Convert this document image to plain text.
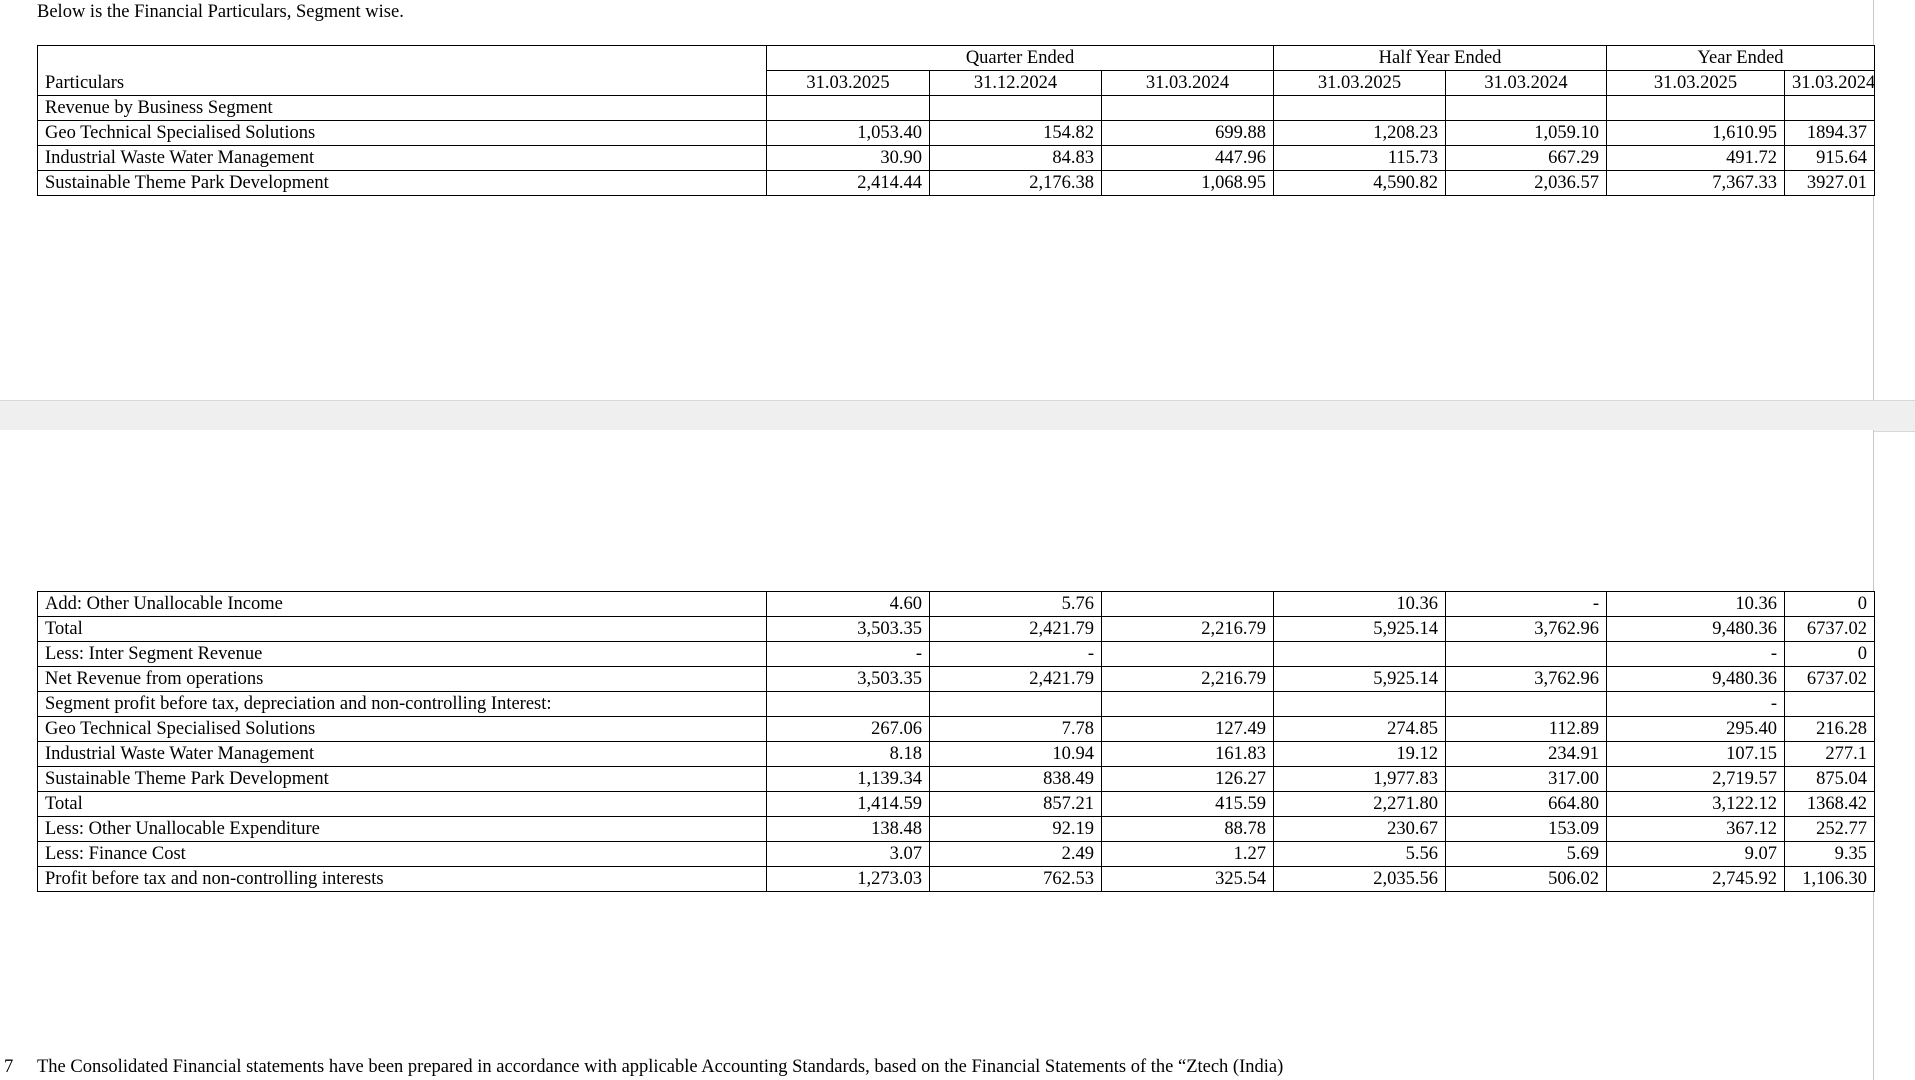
Below is the Financial Particulars, Segment wise.
Particulars	Quarter Ended			Half Year Ended		Year Ended	
	31.03.2025	31.12.2024	31.03.2024	31.03.2025	31.03.2024	31.03.2025	31.03.2024
Revenue by Business Segment							
Geo Technical Specialised Solutions	1,053.40	154.82	699.88	1,208.23	1,059.10	1,610.95	1894.37
Industrial Waste Water Management	30.90	84.83	447.96	115.73	667.29	491.72	915.64
Sustainable Theme Park Development	2,414.44	2,176.38	1,068.95	4,590.82	2,036.57	7,367.33	3927.01
Add: Other Unallocable Income	4.60	5.76		10.36	-	10.36	0
Total	3,503.35	2,421.79	2,216.79	5,925.14	3,762.96	9,480.36	6737.02
Less: Inter Segment Revenue	-	-				-	0
Net Revenue from operations	3,503.35	2,421.79	2,216.79	5,925.14	3,762.96	9,480.36	6737.02
Segment profit before tax, depreciation and non-controlling Interest:						-	
Geo Technical Specialised Solutions	267.06	7.78	127.49	274.85	112.89	295.40	216.28
Industrial Waste Water Management	8.18	10.94	161.83	19.12	234.91	107.15	277.1
Sustainable Theme Park Development	1,139.34	838.49	126.27	1,977.83	317.00	2,719.57	875.04
Total	1,414.59	857.21	415.59	2,271.80	664.80	3,122.12	1368.42
Less: Other Unallocable Expenditure	138.48	92.19	88.78	230.67	153.09	367.12	252.77
Less: Finance Cost	3.07	2.49	1.27	5.56	5.69	9.07	9.35
Profit before tax and non-controlling interests	1,273.03	762.53	325.54	2,035.56	506.02	2,745.92	1,106.30
7 The Consolidated Financial statements have been prepared in accordance with applicable Accounting Standards, based on the Financial Statements of the “Ztech (India)
